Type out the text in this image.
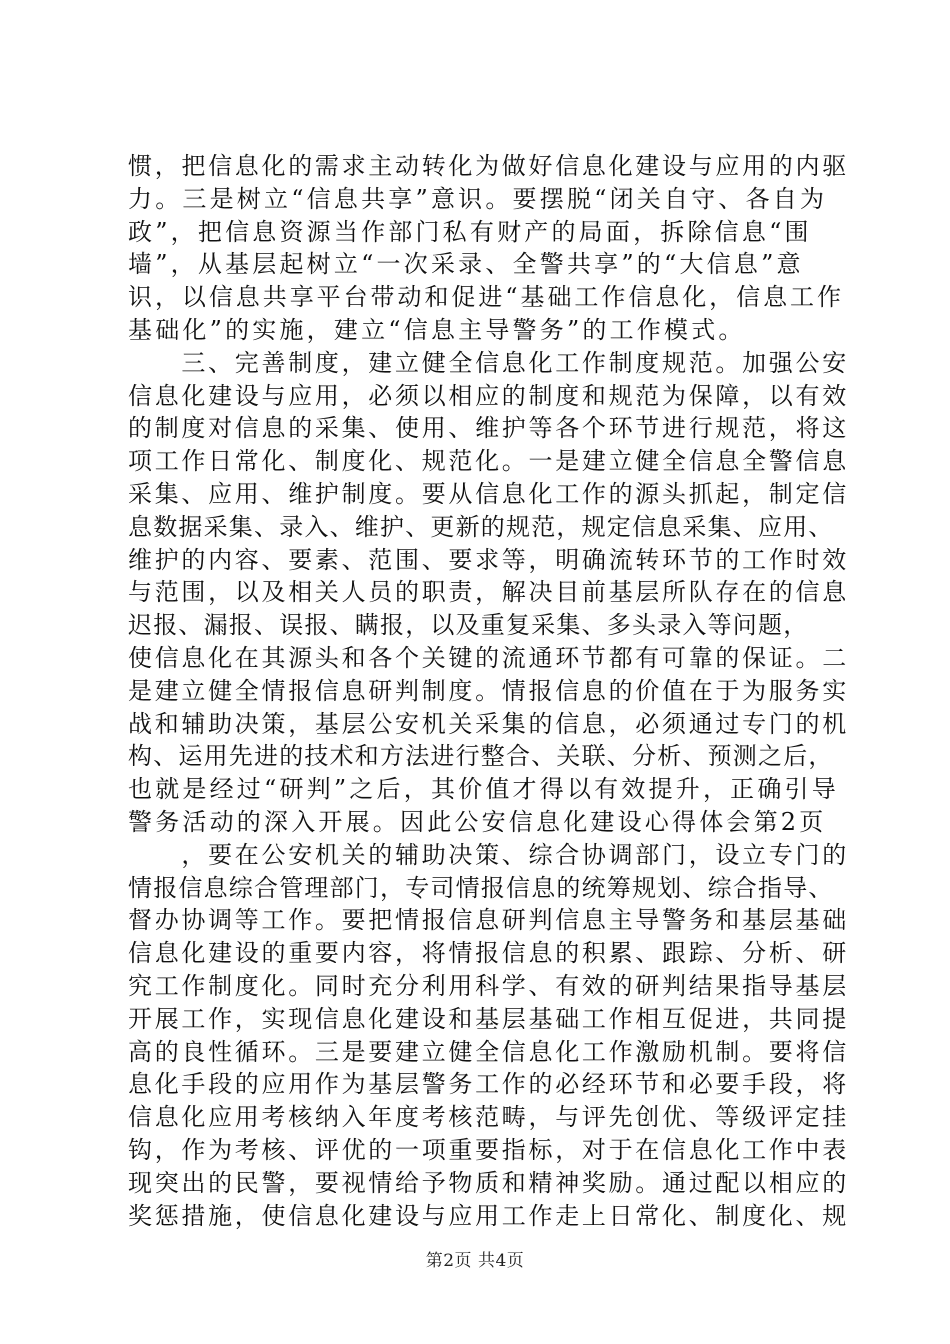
惯，把信息化的需求主动转化为做好信息化建设与应用的内驱
力。三是树立“信息共享”意识。要摆脱“闭关自守、各自为
政”，把信息资源当作部门私有财产的局面，拆除信息“围
墙”，从基层起树立“一次采录、全警共享”的“大信息”意
识，以信息共享平台带动和促进“基础工作信息化，信息工作
基础化”的实施，建立“信息主导警务”的工作模式。
　　三、完善制度，建立健全信息化工作制度规范。加强公安
信息化建设与应用，必须以相应的制度和规范为保障，以有效
的制度对信息的采集、使用、维护等各个环节进行规范，将这
项工作日常化、制度化、规范化。一是建立健全信息全警信息
采集、应用、维护制度。要从信息化工作的源头抓起，制定信
息数据采集、录入、维护、更新的规范，规定信息采集、应用、
维护的内容、要素、范围、要求等，明确流转环节的工作时效
与范围，以及相关人员的职责，解决目前基层所队存在的信息
迟报、漏报、误报、瞒报，以及重复采集、多头录入等问题，
使信息化在其源头和各个关键的流通环节都有可靠的保证。二
是建立健全情报信息研判制度。情报信息的价值在于为服务实
战和辅助决策，基层公安机关采集的信息，必须通过专门的机
构、运用先进的技术和方法进行整合、关联、分析、预测之后，
也就是经过“研判”之后，其价值才得以有效提升，正确引导
警务活动的深入开展。因此公安信息化建设心得体会第2页
　　，要在公安机关的辅助决策、综合协调部门，设立专门的
情报信息综合管理部门，专司情报信息的统筹规划、综合指导、
督办协调等工作。要把情报信息研判信息主导警务和基层基础
信息化建设的重要内容，将情报信息的积累、跟踪、分析、研
究工作制度化。同时充分利用科学、有效的研判结果指导基层
开展工作，实现信息化建设和基层基础工作相互促进，共同提
高的良性循环。三是要建立健全信息化工作激励机制。要将信
息化手段的应用作为基层警务工作的必经环节和必要手段，将
信息化应用考核纳入年度考核范畴，与评先创优、等级评定挂
钩，作为考核、评优的一项重要指标，对于在信息化工作中表
现突出的民警，要视情给予物质和精神奖励。通过配以相应的
奖惩措施，使信息化建设与应用工作走上日常化、制度化、规
第2页 共4页
